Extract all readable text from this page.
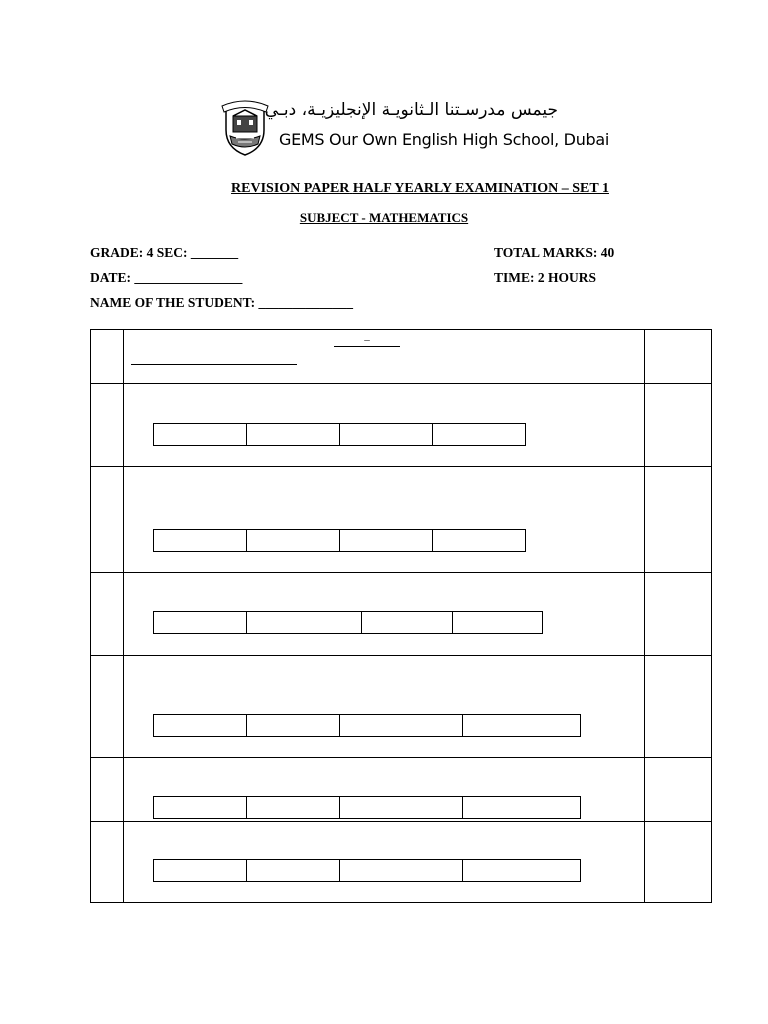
جيمس مدرسـتنا الـثانويـة الإنجليزيـة، دبـي
GEMS Our Own English High School, Dubai
REVISION PAPER HALF YEARLY EXAMINATION – SET 1
SUBJECT - MATHEMATICS
GRADE: 4 SEC: _______	TOTAL MARKS: 40
DATE: ________________	TIME: 2 HOURS
NAME OF THE STUDENT: ______________
–
